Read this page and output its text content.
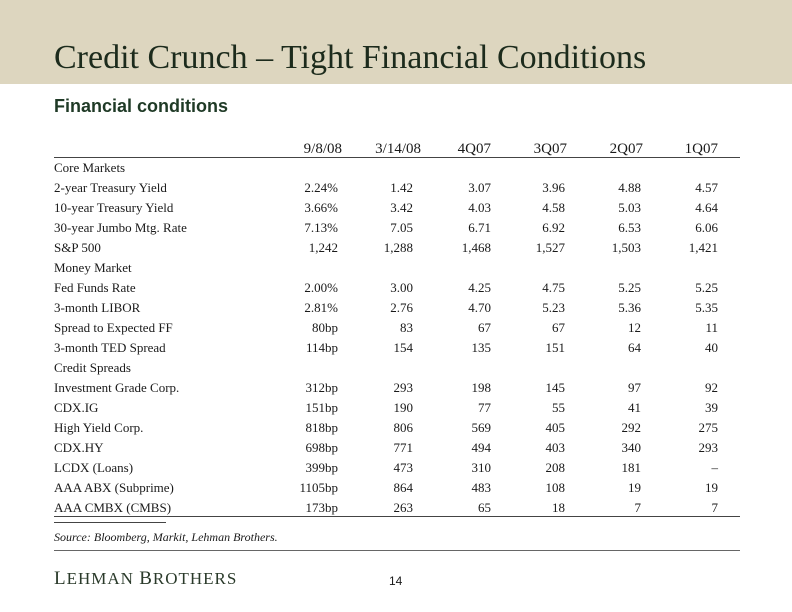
Credit Crunch – Tight Financial Conditions
Financial conditions
9/8/08	3/14/08	4Q07	3Q07	2Q07	1Q07
Core Markets
2-year Treasury Yield	2.24%	1.42	3.07	3.96	4.88	4.57
10-year Treasury Yield	3.66%	3.42	4.03	4.58	5.03	4.64
30-year Jumbo Mtg. Rate	7.13%	7.05	6.71	6.92	6.53	6.06
S&P 500	1,242	1,288	1,468	1,527	1,503	1,421
Money Market
Fed Funds Rate	2.00%	3.00	4.25	4.75	5.25	5.25
3-month LIBOR	2.81%	2.76	4.70	5.23	5.36	5.35
Spread to Expected FF	80bp	83	67	67	12	11
3-month TED Spread	114bp	154	135	151	64	40
Credit Spreads
Investment Grade Corp.	312bp	293	198	145	97	92
CDX.IG	151bp	190	77	55	41	39
High Yield Corp.	818bp	806	569	405	292	275
CDX.HY	698bp	771	494	403	340	293
LCDX (Loans)	399bp	473	310	208	181	–
AAA ABX (Subprime)	1105bp	864	483	108	19	19
AAA CMBX (CMBS)	173bp	263	65	18	7	7
Source: Bloomberg, Markit, Lehman Brothers.
LEHMAN BROTHERS	14
